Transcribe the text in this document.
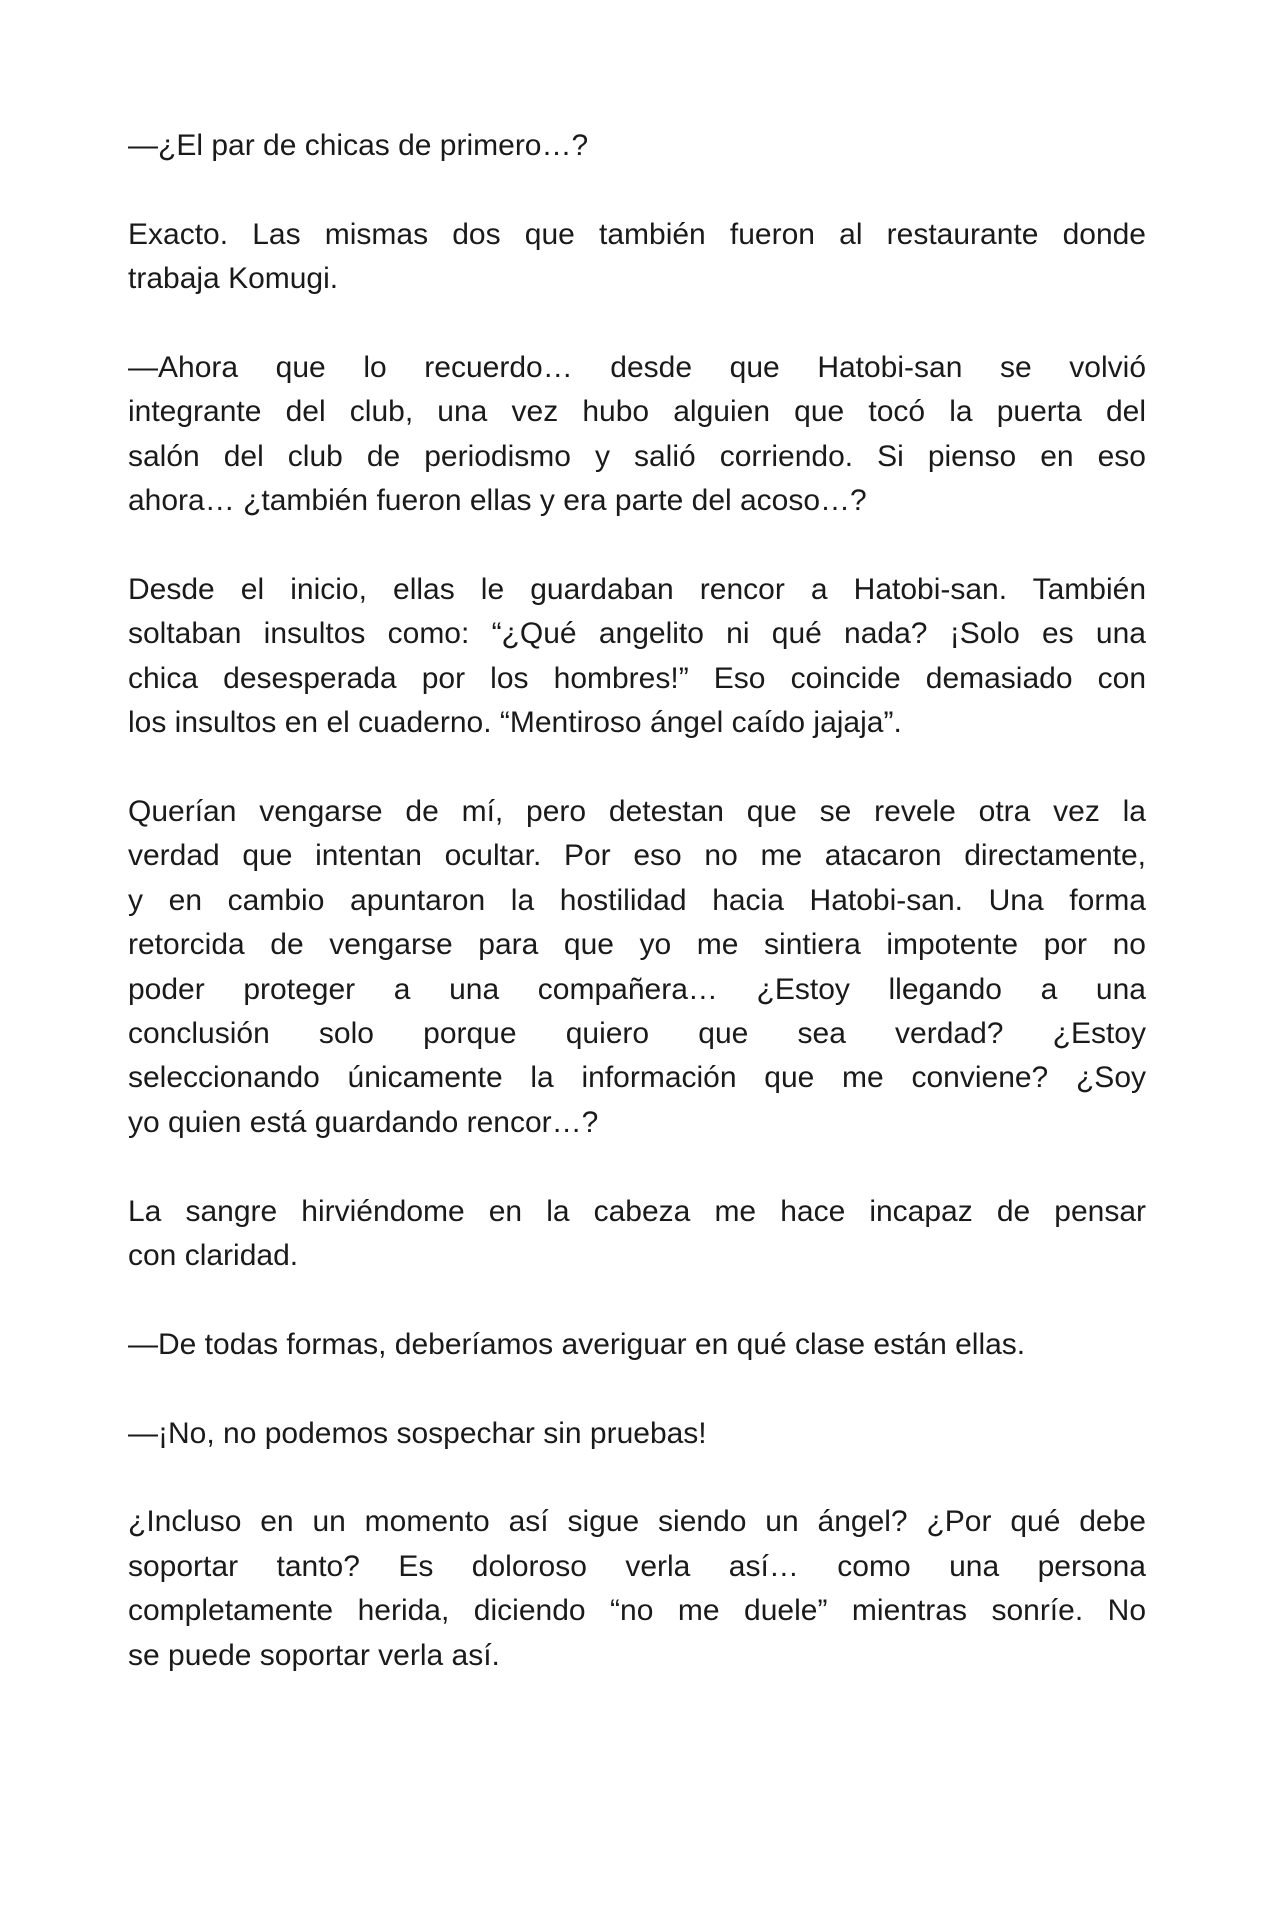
—¿El par de chicas de primero…?
Exacto. Las mismas dos que también fueron al restaurante donde
trabaja Komugi.
—Ahora que lo recuerdo… desde que Hatobi-san se volvió
integrante del club, una vez hubo alguien que tocó la puerta del
salón del club de periodismo y salió corriendo. Si pienso en eso
ahora… ¿también fueron ellas y era parte del acoso…?
Desde el inicio, ellas le guardaban rencor a Hatobi-san. También
soltaban insultos como: “¿Qué angelito ni qué nada? ¡Solo es una
chica desesperada por los hombres!” Eso coincide demasiado con
los insultos en el cuaderno. “Mentiroso ángel caído jajaja”.
Querían vengarse de mí, pero detestan que se revele otra vez la
verdad que intentan ocultar. Por eso no me atacaron directamente,
y en cambio apuntaron la hostilidad hacia Hatobi-san. Una forma
retorcida de vengarse para que yo me sintiera impotente por no
poder proteger a una compañera… ¿Estoy llegando a una
conclusión solo porque quiero que sea verdad? ¿Estoy
seleccionando únicamente la información que me conviene? ¿Soy
yo quien está guardando rencor…?
La sangre hirviéndome en la cabeza me hace incapaz de pensar
con claridad.
—De todas formas, deberíamos averiguar en qué clase están ellas.
—¡No, no podemos sospechar sin pruebas!
¿Incluso en un momento así sigue siendo un ángel? ¿Por qué debe
soportar tanto? Es doloroso verla así… como una persona
completamente herida, diciendo “no me duele” mientras sonríe. No
se puede soportar verla así.
